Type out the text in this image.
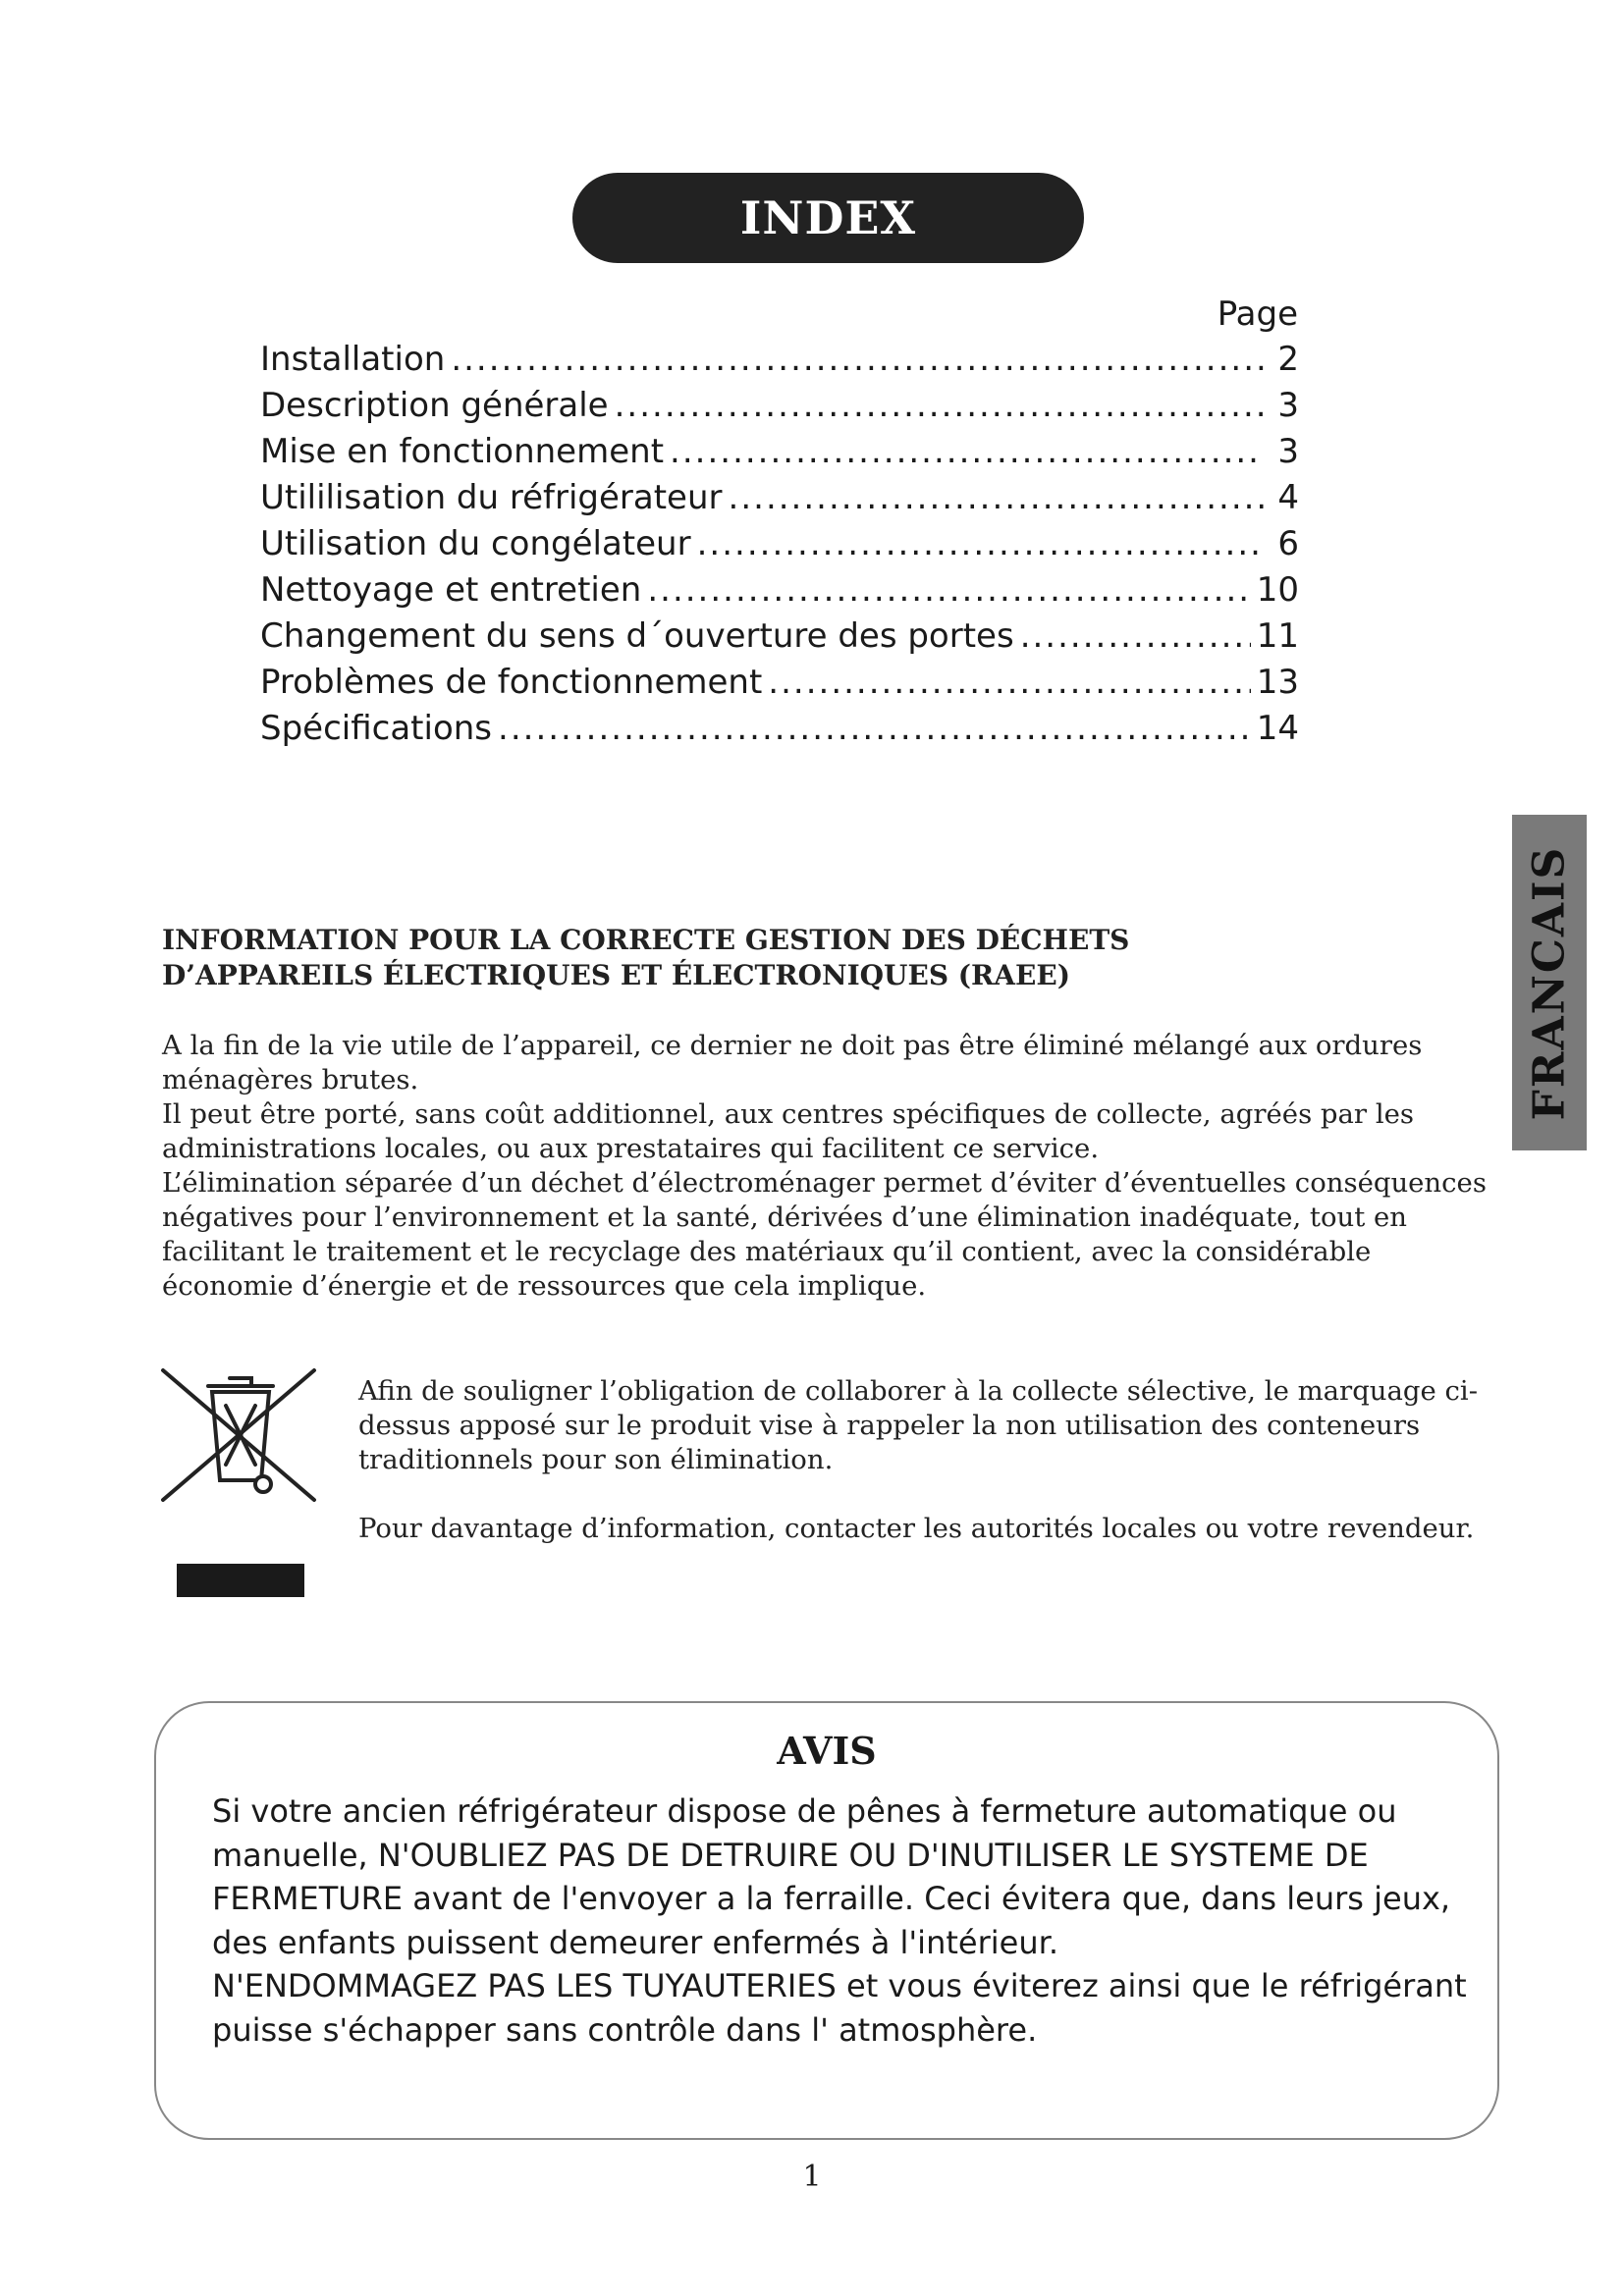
INDEX
Page
Installation .....	2
Description générale .....	3
Mise en fonctionnement .....	3
Utililisation du réfrigérateur .....	4
Utilisation du congélateur .....	6
Nettoyage et entretien .....	10
Changement du sens d´ouverture des portes .....	11
Problèmes de fonctionnement .....	13
Spécifications .....	14
FRANCAIS
INFORMATION POUR LA CORRECTE GESTION DES DÉCHETS
D’APPAREILS ÉLECTRIQUES ET ÉLECTRONIQUES (RAEE)

A la fin de la vie utile de l’appareil, ce dernier ne doit pas être éliminé mélangé aux ordures ménagères brutes.

Il peut être porté, sans coût additionnel, aux centres spécifiques de collecte, agréés par les administrations locales, ou aux prestataires qui facilitent ce service.

L’élimination séparée d’un déchet d’électroménager permet d’éviter d’éventuelles conséquences négatives pour l’environnement et la santé, dérivées d’une élimination inadéquate, tout en facilitant le traitement et le recyclage des matériaux qu’il contient, avec la considérable économie d’énergie et de ressources que cela implique.

Afin de souligner l’obligation de collaborer à la collecte sélective, le marquage ci-dessus apposé sur le produit vise à rappeler la non utilisation des conteneurs traditionnels pour son élimination.

Pour davantage d’information, contacter les autorités locales ou votre revendeur.

AVIS
Si votre ancien réfrigérateur dispose de pênes à fermeture automatique ou manuelle, N'OUBLIEZ PAS DE DETRUIRE OU D'INUTILISER LE SYSTEME DE FERMETURE avant de l'envoyer a la ferraille. Ceci évitera que, dans leurs jeux, des enfants puissent demeurer enfermés à l'intérieur.
N'ENDOMMAGEZ PAS LES TUYAUTERIES et vous éviterez ainsi que le réfrigérant puisse s'échapper sans contrôle dans l' atmosphère.
1
